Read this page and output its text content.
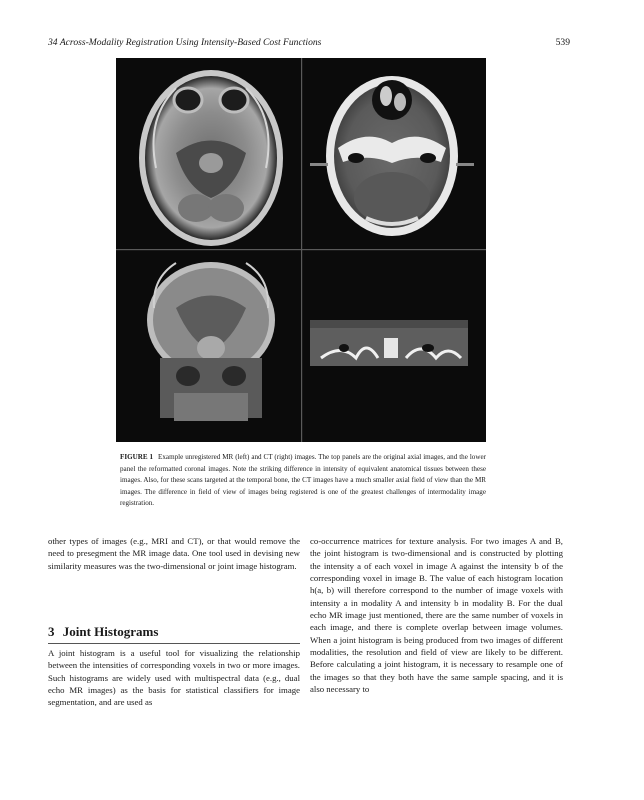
34 Across-Modality Registration Using Intensity-Based Cost Functions	539
FIGURE 1 Example unregistered MR (left) and CT (right) images. The top panels are the original axial images, and the lower panel the reformatted coronal images. Note the striking difference in intensity of equivalent anatomical tissues between these images. Also, for these scans targeted at the temporal bone, the CT images have a much smaller axial field of view than the MR images. The difference in field of view of images being registered is one of the greatest challenges of intermodality image registration.

other types of images (e.g., MRI and CT), or that would remove the need to presegment the MR image data. One tool used in devising new similarity measures was the two-dimensional or joint image histogram.

3 Joint Histograms

A joint histogram is a useful tool for visualizing the relationship between the intensities of corresponding voxels in two or more images. Such histograms are widely used with multispectral data (e.g., dual echo MR images) as the basis for statistical classifiers for image segmentation, and are used as

co-occurrence matrices for texture analysis. For two images A and B, the joint histogram is two-dimensional and is constructed by plotting the intensity a of each voxel in image A against the intensity b of the corresponding voxel in image B. The value of each histogram location h(a, b) will therefore correspond to the number of image voxels with intensity a in modality A and intensity b in modality B. For the dual echo MR image just mentioned, there are the same number of voxels in each image, and there is complete overlap between image volumes. When a joint histogram is being produced from two images of different modalities, the resolution and field of view are likely to be different. Before calculating a joint histogram, it is necessary to resample one of the images so that they both have the same sample spacing, and it is also necessary to
